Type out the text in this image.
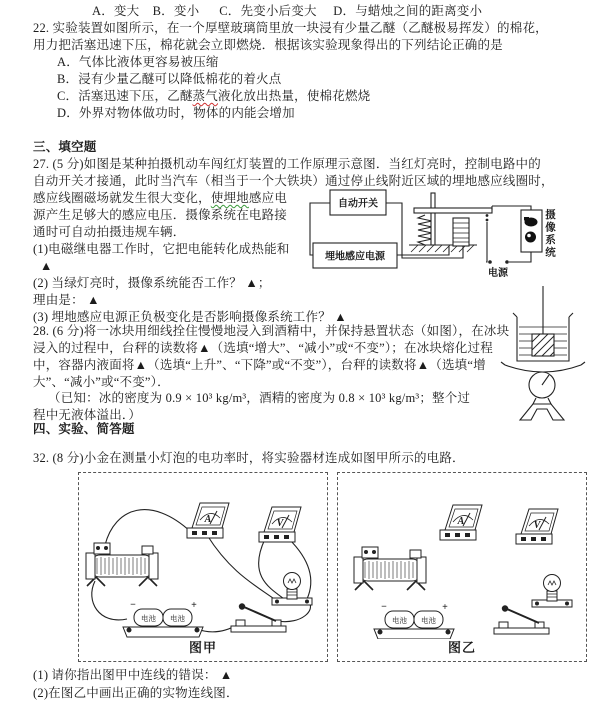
A．变大    B．变小      C．先变小后变大     D．与蜡烛之间的距离变小
22. 实验装置如图所示，在一个厚壁玻璃筒里放一块浸有少量乙醚（乙醚极易挥发）的棉花，
用力把活塞迅速下压，棉花就会立即燃烧．根据该实验现象得出的下列结论正确的是
A．气体比液体更容易被压缩
B．浸有少量乙醚可以降低棉花的着火点
C．活塞迅速下压，乙醚蒸气液化放出热量，使棉花燃烧
D．外界对物体做功时，物体的内能会增加
三、填空题
27. (5 分)如图是某种拍摄机动车闯红灯装置的工作原理示意图．当红灯亮时，控制电路中的
自动开关才接通，此时当汽车（相当于一个大铁块）通过停止线附近区域的埋地感应线圈时，
感应线圈磁场就发生很大变化，使埋地感应电
源产生足够大的感应电压．摄像系统在电路接
通时可自动拍摄违规车辆．
(1)电磁继电器工作时，它把电能转化成热能和
▲
(2) 当绿灯亮时，摄像系统能否工作？ ▲；
理由是： ▲
(3) 埋地感应电源正负极变化是否影响摄像系统工作？ ▲
28. (6 分)将一冰块用细线拴住慢慢地浸入到酒精中，并保持悬置状态（如图），在冰块
浸入的过程中，台秤的读数将▲（选填“增大”、“减小”或“不变”）；在冰块熔化过程
中，容器内液面将▲（选填“上升”、“下降”或“不变”），台秤的读数将▲（选填“增
大”、“减小”或“不变”）．
（已知：冰的密度为 0.9 × 10³ kg/m³，酒精的密度为 0.8 × 10³ kg/m³；整个过
程中无液体溢出．）
四、实验、简答题
32. (8 分)小金在测量小灯泡的电功率时，将实验器材连成如图甲所示的电路．
(1) 请你指出图甲中连线的错误： ▲
(2)在图乙中画出正确的实物连线图．
自动开关
埋地感应电源
电源
摄像系统
A	V
图甲
A	V
图乙
